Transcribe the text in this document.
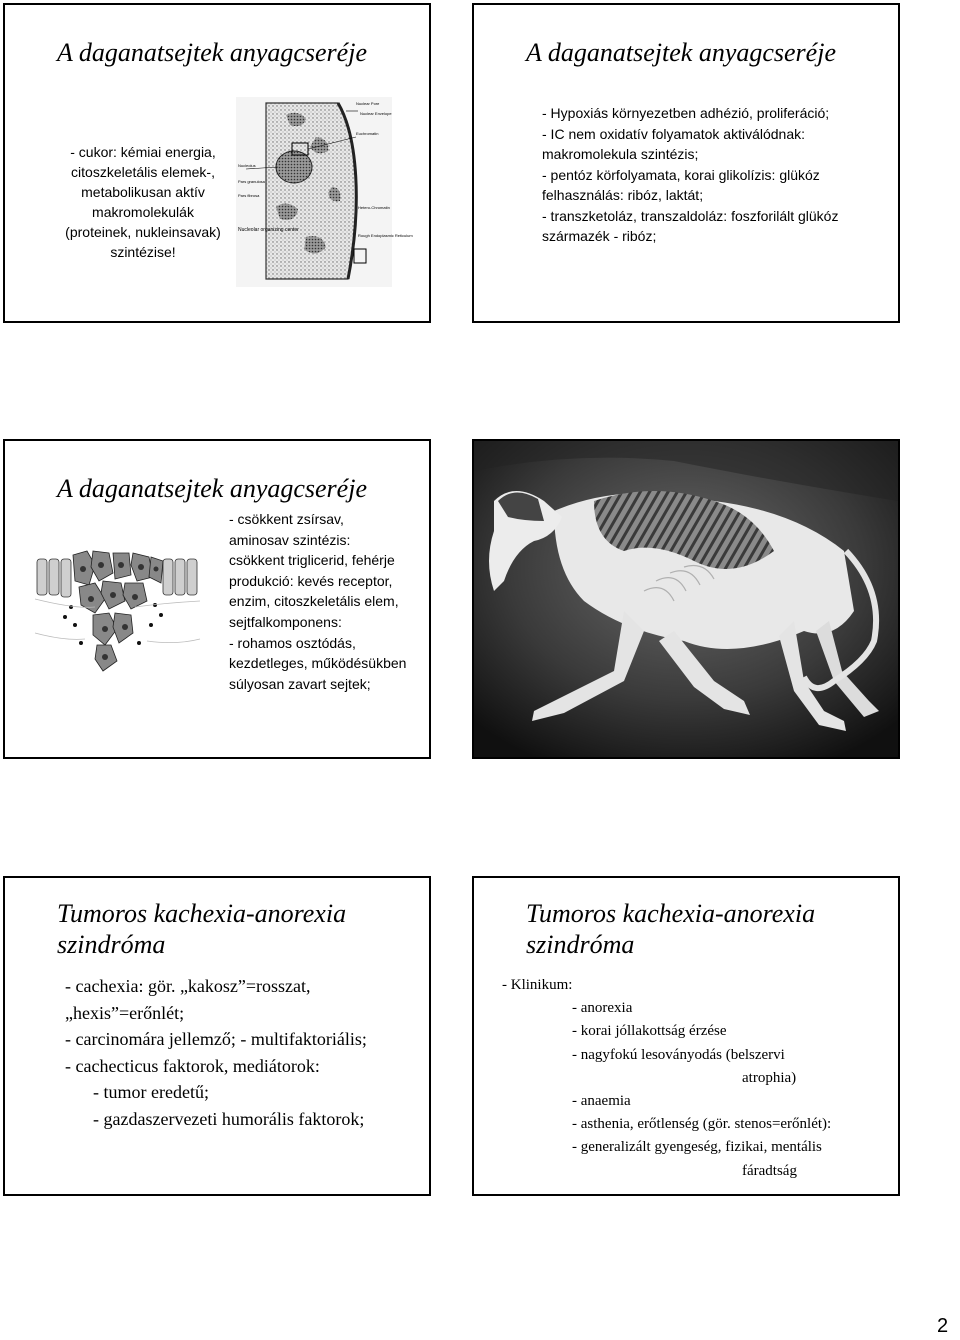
A daganatsejtek anyagcseréje
- cukor: kémiai energia,
citoszkeletális elemek-,
metabolikusan aktív
makromolekulák
(proteinek, nukleinsavak)
szintézise!
Nuclear Pore
Nuclear Envelope
Euchromatin
Nucleolus
Pars granulosa
Pars fibrosa
Nucleolar organizing center
Hetero-Chromatin
Rough Endoplasmic Reticulum
A daganatsejtek anyagcseréje
- Hypoxiás környezetben adhézió, proliferáció;
- IC nem oxidatív folyamatok aktiválódnak:
makromolekula szintézis;
- pentóz körfolyamata, korai glikolízis: glükóz
felhasználás: ribóz, laktát;
- transzketoláz, transzaldoláz: foszforilált glükóz
származék - ribóz;
A daganatsejtek anyagcseréje
- csökkent zsírsav,
aminosav szintézis:
csökkent triglicerid, fehérje
produkció: kevés receptor,
enzim, citoszkeletális elem,
sejtfalkomponens:
- rohamos osztódás,
kezdetleges, működésükben
súlyosan zavart sejtek;
Tumoros kachexia-anorexia
szindróma
- cachexia: gör. „kakosz”=rosszat,
„hexis”=erőnlét;
- carcinomára jellemző; - multifaktoriális;
- cachecticus faktorok, mediátorok:
- tumor eredetű;
- gazdaszervezeti humorális faktorok;
Tumoros kachexia-anorexia
szindróma
- Klinikum:
- anorexia
- korai jóllakottság érzése
- nagyfokú lesoványodás (belszervi
atrophia)
- anaemia
- asthenia, erőtlenség (gör. stenos=erőnlét):
- generalizált gyengeség, fizikai, mentális
fáradtság
2
